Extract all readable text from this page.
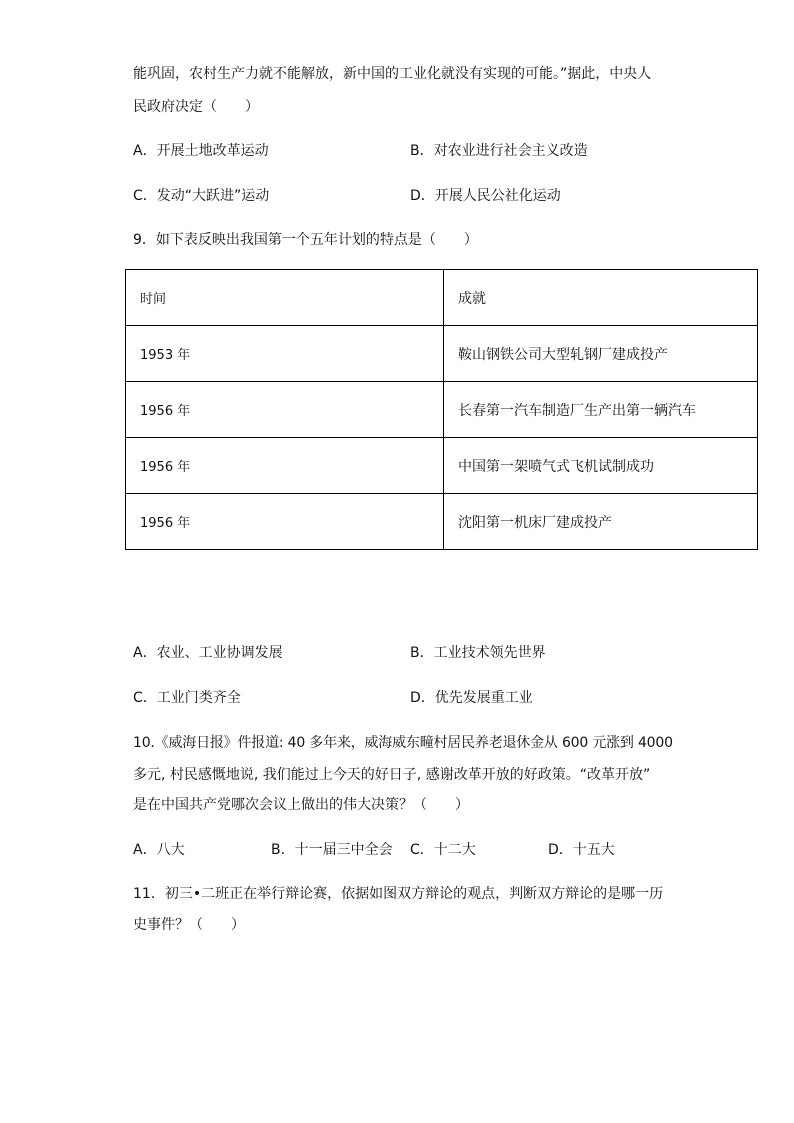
能巩固，农村生产力就不能解放，新中国的工业化就没有实现的可能。”据此，中央人
民政府决定（　　）
A．开展土地改革运动	B．对农业进行社会主义改造
C．发动“大跃进”运动	D．开展人民公社化运动
9．如下表反映出我国第一个五年计划的特点是（　　）
时间	成就
1953 年	鞍山钢铁公司大型轧钢厂建成投产
1956 年	长春第一汽车制造厂生产出第一辆汽车
1956 年	中国第一架喷气式飞机试制成功
1956 年	沈阳第一机床厂建成投产
A．农业、工业协调发展	B．工业技术领先世界
C．工业门类齐全	D．优先发展重工业
10.《威海日报》件报道: 40 多年来，威海威东疃村居民养老退休金从 600 元涨到 4000
多元, 村民感慨地说, 我们能过上今天的好日子, 感谢改革开放的好政策。“改革开放”
是在中国共产党哪次会议上做出的伟大决策？（　　）
A．八大	B．十一届三中全会 C．十二大	D．十五大
11．初三•二班正在举行辩论赛，依据如图双方辩论的观点，判断双方辩论的是哪一历
史事件？（　　）
